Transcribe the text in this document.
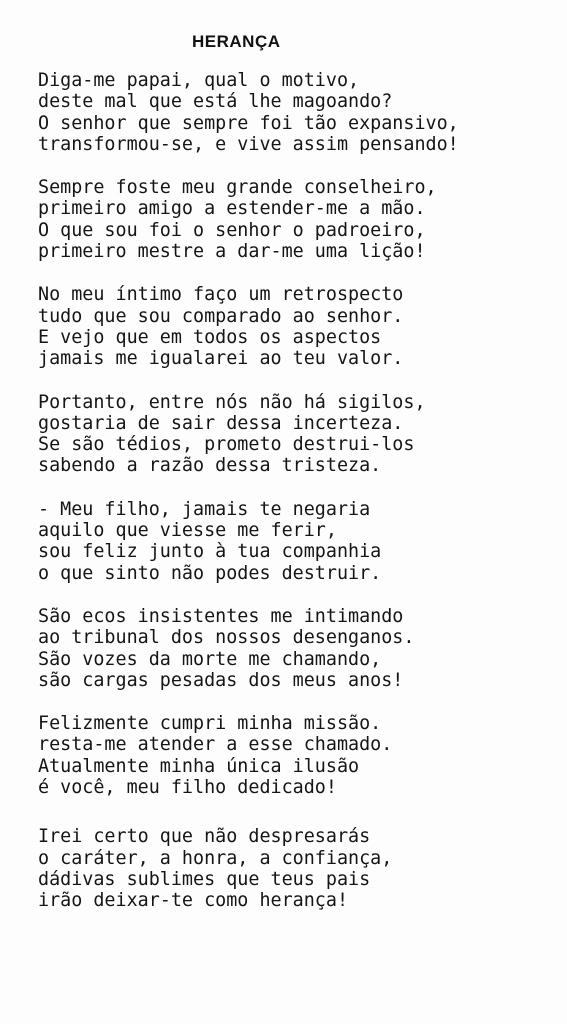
HERANÇA
Diga-me papai, qual o motivo,
deste mal que está lhe magoando?
O senhor que sempre foi tão expansivo,
transformou-se, e vive assim pensando!
Sempre foste meu grande conselheiro,
primeiro amigo a estender-me a mão.
O que sou foi o senhor o padroeiro,
primeiro mestre a dar-me uma lição!
No meu íntimo faço um retrospecto
tudo que sou comparado ao senhor.
E vejo que em todos os aspectos
jamais me igualarei ao teu valor.
Portanto, entre nós não há sigilos,
gostaria de sair dessa incerteza.
Se são tédios, prometo destrui-los
sabendo a razão dessa tristeza.
- Meu filho, jamais te negaria
aquilo que viesse me ferir,
sou feliz junto à tua companhia
o que sinto não podes destruir.
São ecos insistentes me intimando
ao tribunal dos nossos desenganos.
São vozes da morte me chamando,
são cargas pesadas dos meus anos!
Felizmente cumpri minha missão.
resta-me atender a esse chamado.
Atualmente minha única ilusão
é você, meu filho dedicado!
Irei certo que não despresarás
o caráter, a honra, a confiança,
dádivas sublimes que teus pais
irão deixar-te como herança!
